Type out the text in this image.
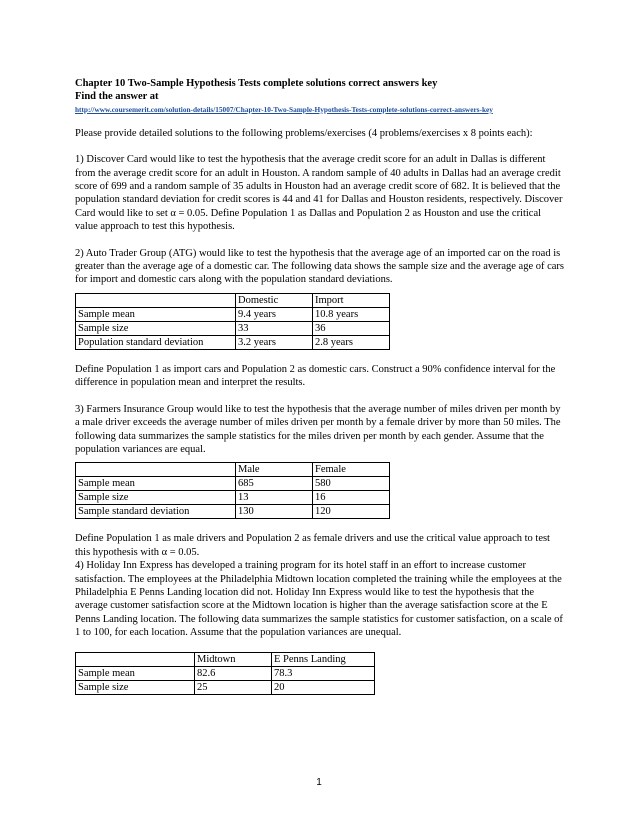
Chapter 10 Two-Sample Hypothesis Tests complete solutions correct answers key
Find the answer at
http://www.coursemerit.com/solution-details/15007/Chapter-10-Two-Sample-Hypothesis-Tests-complete-solutions-correct-answers-key

Please provide detailed solutions to the following problems/exercises (4 problems/exercises x 8 points each):

1) Discover Card would like to test the hypothesis that the average credit score for an adult in Dallas is different from the average credit score for an adult in Houston. A random sample of 40 adults in Dallas had an average credit score of 699 and a random sample of 35 adults in Houston had an average credit score of 682. It is believed that the population standard deviation for credit scores is 44 and 41 for Dallas and Houston residents, respectively. Discover Card would like to set α = 0.05. Define Population 1 as Dallas and Population 2 as Houston and use the critical value approach to test this hypothesis.

2) Auto Trader Group (ATG) would like to test the hypothesis that the average age of an imported car on the road is greater than the average age of a domestic car. The following data shows the sample size and the average age of cars for import and domestic cars along with the population standard deviations.

	Domestic	Import
Sample mean	9.4 years	10.8 years
Sample size	33	36
Population standard deviation	3.2 years	2.8 years

Define Population 1 as import cars and Population 2 as domestic cars. Construct a 90% confidence interval for the difference in population mean and interpret the results.

3) Farmers Insurance Group would like to test the hypothesis that the average number of miles driven per month by a male driver exceeds the average number of miles driven per month by a female driver by more than 50 miles. The following data summarizes the sample statistics for the miles driven per month by each gender. Assume that the population variances are equal.

	Male	Female
Sample mean	685	580
Sample size	13	16
Sample standard deviation	130	120

Define Population 1 as male drivers and Population 2 as female drivers and use the critical value approach to test this hypothesis with α = 0.05.

4) Holiday Inn Express has developed a training program for its hotel staff in an effort to increase customer satisfaction. The employees at the Philadelphia Midtown location completed the training while the employees at the Philadelphia E Penns Landing location did not. Holiday Inn Express would like to test the hypothesis that the average customer satisfaction score at the Midtown location is higher than the average satisfaction score at the E Penns Landing location. The following data summarizes the sample statistics for customer satisfaction, on a scale of 1 to 100, for each location. Assume that the population variances are unequal.

	Midtown	E Penns Landing
Sample mean	82.6	78.3
Sample size	25	20
1
